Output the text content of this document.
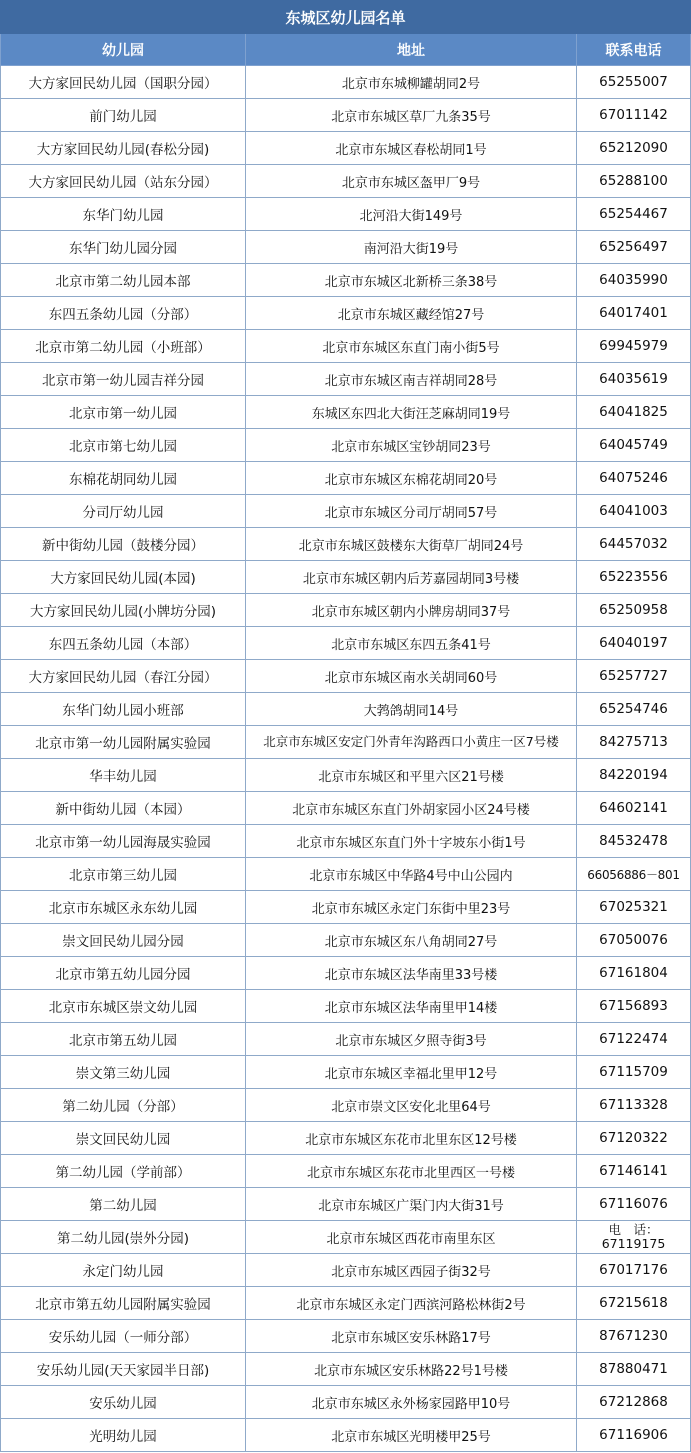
东城区幼儿园名单		
幼儿园	地址	联系电话
大方家回民幼儿园（国职分园）	北京市东城柳罐胡同2号	65255007
前门幼儿园	北京市东城区草厂九条35号	67011142
大方家回民幼儿园(春松分园)	北京市东城区春松胡同1号	65212090
大方家回民幼儿园（站东分园）	北京市东城区盔甲厂9号	65288100
东华门幼儿园	北河沿大街149号	65254467
东华门幼儿园分园	南河沿大街19号	65256497
北京市第二幼儿园本部	北京市东城区北新桥三条38号	64035990
东四五条幼儿园（分部）	北京市东城区藏经馆27号	64017401
北京市第二幼儿园（小班部）	北京市东城区东直门南小街5号	69945979
北京市第一幼儿园吉祥分园	北京市东城区南吉祥胡同28号	64035619
北京市第一幼儿园	东城区东四北大街汪芝麻胡同19号	64041825
北京市第七幼儿园	北京市东城区宝钞胡同23号	64045749
东棉花胡同幼儿园	北京市东城区东棉花胡同20号	64075246
分司厅幼儿园	北京市东城区分司厅胡同57号	64041003
新中街幼儿园（鼓楼分园）	北京市东城区鼓楼东大街草厂胡同24号	64457032
大方家回民幼儿园(本园)	北京市东城区朝内后芳嘉园胡同3号楼	65223556
大方家回民幼儿园(小牌坊分园)	北京市东城区朝内小牌房胡同37号	65250958
东四五条幼儿园（本部）	北京市东城区东四五条41号	64040197
大方家回民幼儿园（春江分园）	北京市东城区南水关胡同60号	65257727
东华门幼儿园小班部	大鹁鸽胡同14号	65254746
北京市第一幼儿园附属实验园	北京市东城区安定门外青年沟路西口小黄庄一区7号楼	84275713
华丰幼儿园	北京市东城区和平里六区21号楼	84220194
新中街幼儿园（本园）	北京市东城区东直门外胡家园小区24号楼	64602141
北京市第一幼儿园海晟实验园	北京市东城区东直门外十字坡东小街1号	84532478
北京市第三幼儿园	北京市东城区中华路4号中山公园内	66056886－801
北京市东城区永东幼儿园	北京市东城区永定门东街中里23号	67025321
崇文回民幼儿园分园	北京市东城区东八角胡同27号	67050076
北京市第五幼儿园分园	北京市东城区法华南里33号楼	67161804
北京市东城区崇文幼儿园	北京市东城区法华南里甲14楼	67156893
北京市第五幼儿园	北京市东城区夕照寺街3号	67122474
崇文第三幼儿园	北京市东城区幸福北里甲12号	67115709
第二幼儿园（分部）	北京市崇文区安化北里64号	67113328
崇文回民幼儿园	北京市东城区东花市北里东区12号楼	67120322
第二幼儿园（学前部）	北京市东城区东花市北里西区一号楼	67146141
第二幼儿园	北京市东城区广渠门内大街31号	67116076
第二幼儿园(崇外分园)	北京市东城区西花市南里东区	电　话：67119175
永定门幼儿园	北京市东城区西园子街32号	67017176
北京市第五幼儿园附属实验园	北京市东城区永定门西滨河路松林街2号	67215618
安乐幼儿园（一师分部）	北京市东城区安乐林路17号	87671230
安乐幼儿园(天天家园半日部)	北京市东城区安乐林路22号1号楼	87880471
安乐幼儿园	北京市东城区永外杨家园路甲10号	67212868
光明幼儿园	北京市东城区光明楼甲25号	67116906
